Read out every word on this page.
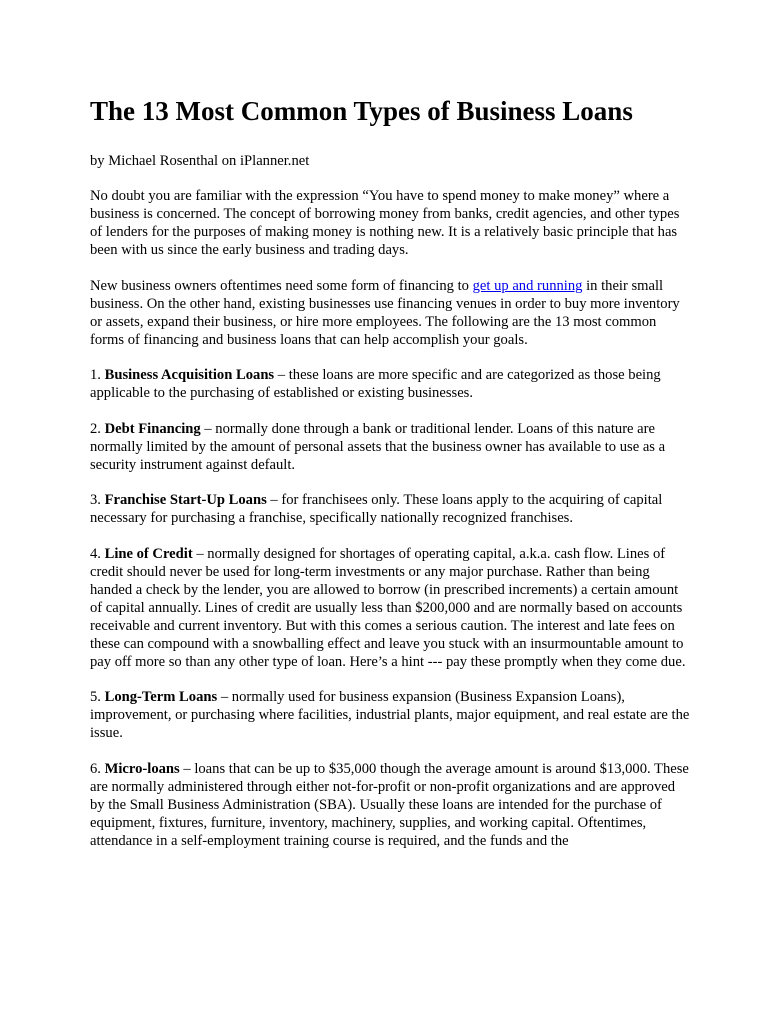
The 13 Most Common Types of Business Loans

by Michael Rosenthal on iPlanner.net

No doubt you are familiar with the expression “You have to spend money to make money” where a business is concerned. The concept of borrowing money from banks, credit agencies, and other types of lenders for the purposes of making money is nothing new. It is a relatively basic principle that has been with us since the early business and trading days.

New business owners oftentimes need some form of financing to get up and running in their small business. On the other hand, existing businesses use financing venues in order to buy more inventory or assets, expand their business, or hire more employees. The following are the 13 most common forms of financing and business loans that can help accomplish your goals.

1. Business Acquisition Loans – these loans are more specific and are categorized as those being applicable to the purchasing of established or existing businesses.

2. Debt Financing – normally done through a bank or traditional lender. Loans of this nature are normally limited by the amount of personal assets that the business owner has available to use as a security instrument against default.

3. Franchise Start-Up Loans – for franchisees only. These loans apply to the acquiring of capital necessary for purchasing a franchise, specifically nationally recognized franchises.

4. Line of Credit – normally designed for shortages of operating capital, a.k.a. cash flow. Lines of credit should never be used for long-term investments or any major purchase. Rather than being handed a check by the lender, you are allowed to borrow (in prescribed increments) a certain amount of capital annually. Lines of credit are usually less than $200,000 and are normally based on accounts receivable and current inventory. But with this comes a serious caution. The interest and late fees on these can compound with a snowballing effect and leave you stuck with an insurmountable amount to pay off more so than any other type of loan. Here’s a hint --- pay these promptly when they come due.

5. Long-Term Loans – normally used for business expansion (Business Expansion Loans), improvement, or purchasing where facilities, industrial plants, major equipment, and real estate are the issue.

6. Micro-loans – loans that can be up to $35,000 though the average amount is around $13,000. These are normally administered through either not-for-profit or non-profit organizations and are approved by the Small Business Administration (SBA). Usually these loans are intended for the purchase of equipment, fixtures, furniture, inventory, machinery, supplies, and working capital. Oftentimes, attendance in a self-employment training course is required, and the funds and the
